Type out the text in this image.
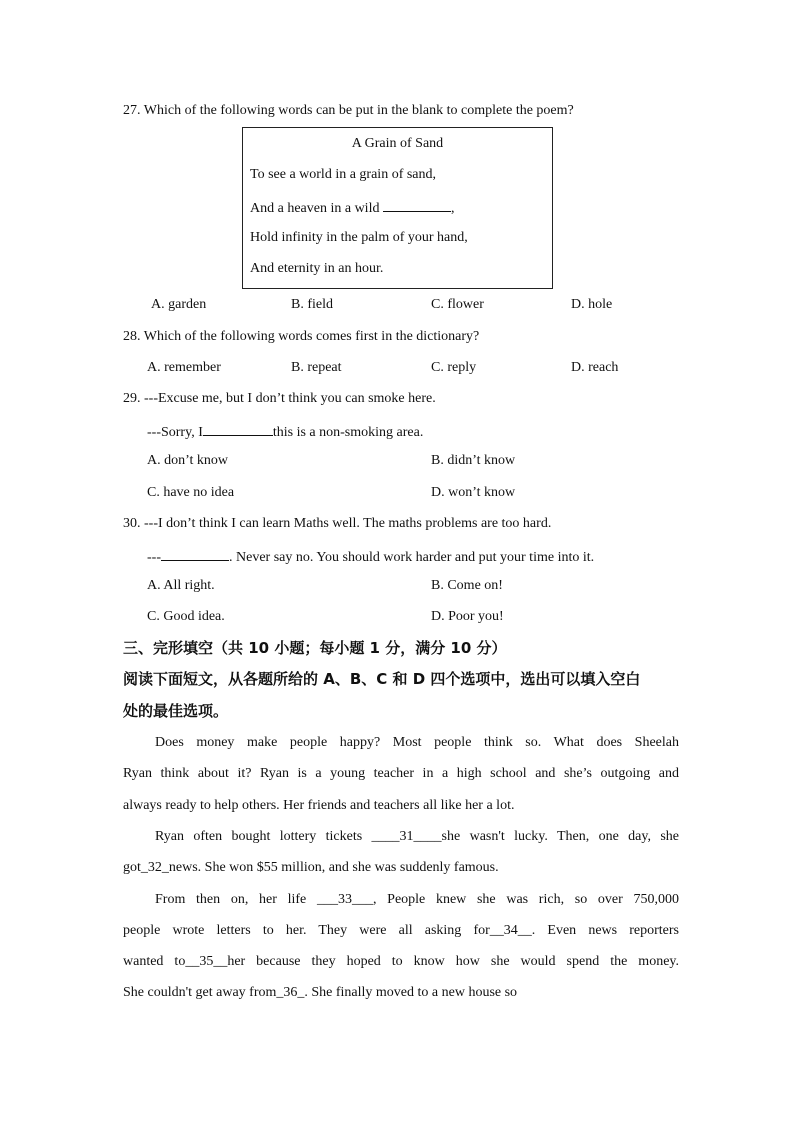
27. Which of the following words can be put in the blank to complete the poem?
A Grain of Sand
To see a world in a grain of sand,
And a heaven in a wild	,
Hold infinity in the palm of your hand,
And eternity in an hour.
A. garden	B. field	C. flower	D. hole
28. Which of the following words comes first in the dictionary?
A. remember	B. repeat	C. reply	D. reach
29. ---Excuse me, but I don’t think you can smoke here.
---Sorry, I	this is a non-smoking area.
A. don’t know	B. didn’t know
C. have no idea	D. won’t know
30. ---I don’t think I can learn Maths well. The maths problems are too hard.
---	. Never say no. You should work harder and put your time into it.
A. All right.	B. Come on!
C. Good idea.	D. Poor you!
三、完形填空（共 10 小题；每小题 1 分，满分 10 分）
阅读下面短文，从各题所给的 A、B、C 和 D 四个选项中，选出可以填入空白
处的最佳选项。
Does money make people happy? Most people think so. What does Sheelah
Ryan think about it? Ryan is a young teacher in a high school and she’s outgoing and
always ready to help others. Her friends and teachers all like her a lot.
Ryan often bought lottery tickets ____31____she wasn't lucky. Then, one day, she
got_32_news. She won $55 million, and she was suddenly famous.
From then on, her life ___33___, People knew she was rich, so over 750,000
people wrote letters to her. They were all asking for__34__. Even news reporters
wanted to__35__her because they hoped to know how she would spend the money.
She couldn't get away from_36_. She finally moved to a new house so
